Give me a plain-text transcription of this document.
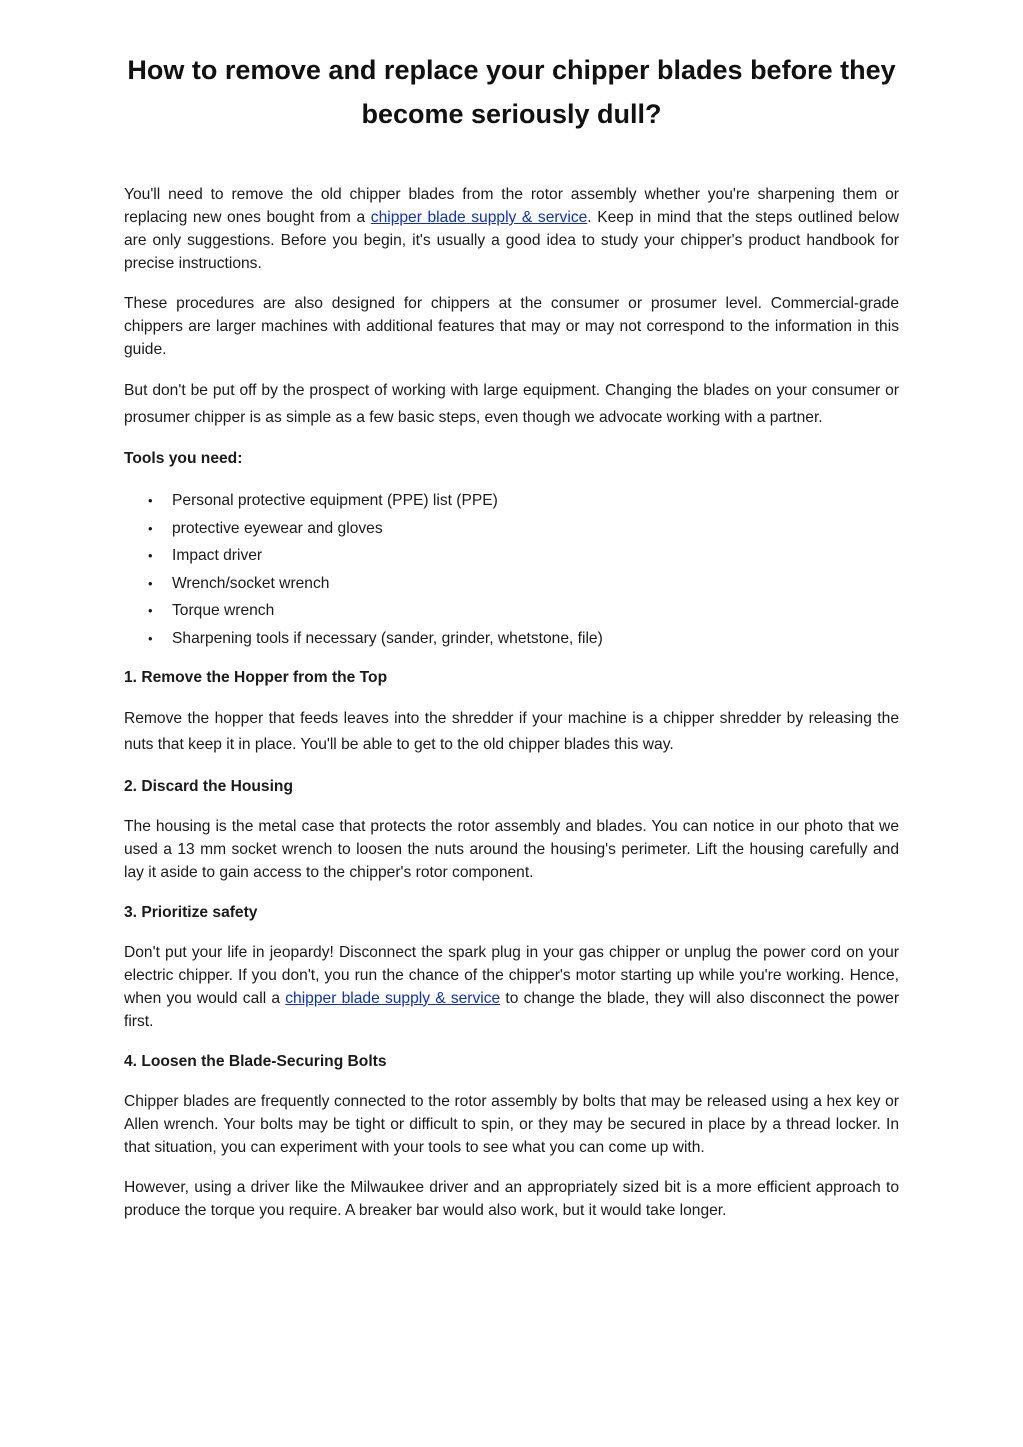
How to remove and replace your chipper blades before they become seriously dull?

You'll need to remove the old chipper blades from the rotor assembly whether you're sharpening them or replacing new ones bought from a chipper blade supply & service. Keep in mind that the steps outlined below are only suggestions. Before you begin, it's usually a good idea to study your chipper's product handbook for precise instructions.

These procedures are also designed for chippers at the consumer or prosumer level. Commercial-grade chippers are larger machines with additional features that may or may not correspond to the information in this guide.

But don't be put off by the prospect of working with large equipment. Changing the blades on your consumer or prosumer chipper is as simple as a few basic steps, even though we advocate working with a partner.

Tools you need:

• Personal protective equipment (PPE) list (PPE)
• protective eyewear and gloves
• Impact driver
• Wrench/socket wrench
• Torque wrench
• Sharpening tools if necessary (sander, grinder, whetstone, file)

1. Remove the Hopper from the Top

Remove the hopper that feeds leaves into the shredder if your machine is a chipper shredder by releasing the nuts that keep it in place. You'll be able to get to the old chipper blades this way.

2. Discard the Housing

The housing is the metal case that protects the rotor assembly and blades. You can notice in our photo that we used a 13 mm socket wrench to loosen the nuts around the housing's perimeter. Lift the housing carefully and lay it aside to gain access to the chipper's rotor component.

3. Prioritize safety

Don't put your life in jeopardy! Disconnect the spark plug in your gas chipper or unplug the power cord on your electric chipper. If you don't, you run the chance of the chipper's motor starting up while you're working. Hence, when you would call a chipper blade supply & service to change the blade, they will also disconnect the power first.

4. Loosen the Blade-Securing Bolts

Chipper blades are frequently connected to the rotor assembly by bolts that may be released using a hex key or Allen wrench. Your bolts may be tight or difficult to spin, or they may be secured in place by a thread locker. In that situation, you can experiment with your tools to see what you can come up with.

However, using a driver like the Milwaukee driver and an appropriately sized bit is a more efficient approach to produce the torque you require. A breaker bar would also work, but it would take longer.
